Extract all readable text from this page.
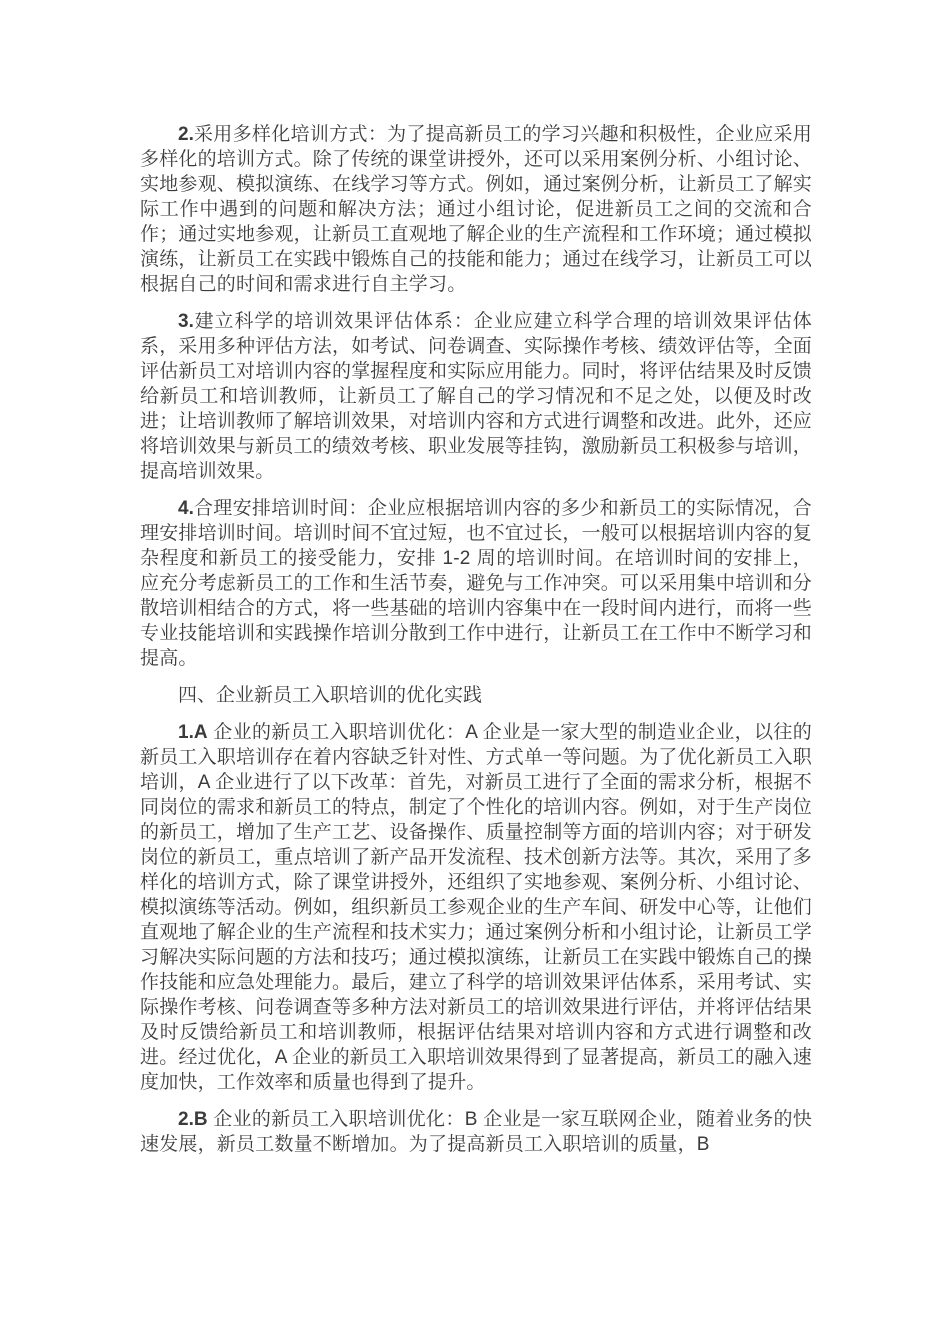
2.采用多样化培训方式：为了提高新员工的学习兴趣和积极性，企业应采用多样化的培训方式。除了传统的课堂讲授外，还可以采用案例分析、小组讨论、实地参观、模拟演练、在线学习等方式。例如，通过案例分析，让新员工了解实际工作中遇到的问题和解决方法；通过小组讨论，促进新员工之间的交流和合作；通过实地参观，让新员工直观地了解企业的生产流程和工作环境；通过模拟演练，让新员工在实践中锻炼自己的技能和能力；通过在线学习，让新员工可以根据自己的时间和需求进行自主学习。

3.建立科学的培训效果评估体系：企业应建立科学合理的培训效果评估体系，采用多种评估方法，如考试、问卷调查、实际操作考核、绩效评估等，全面评估新员工对培训内容的掌握程度和实际应用能力。同时，将评估结果及时反馈给新员工和培训教师，让新员工了解自己的学习情况和不足之处，以便及时改进；让培训教师了解培训效果，对培训内容和方式进行调整和改进。此外，还应将培训效果与新员工的绩效考核、职业发展等挂钩，激励新员工积极参与培训，提高培训效果。

4.合理安排培训时间：企业应根据培训内容的多少和新员工的实际情况，合理安排培训时间。培训时间不宜过短，也不宜过长，一般可以根据培训内容的复杂程度和新员工的接受能力，安排 1-2 周的培训时间。在培训时间的安排上，应充分考虑新员工的工作和生活节奏，避免与工作冲突。可以采用集中培训和分散培训相结合的方式，将一些基础的培训内容集中在一段时间内进行，而将一些专业技能培训和实践操作培训分散到工作中进行，让新员工在工作中不断学习和提高。

四、企业新员工入职培训的优化实践

1.A 企业的新员工入职培训优化：A 企业是一家大型的制造业企业，以往的新员工入职培训存在着内容缺乏针对性、方式单一等问题。为了优化新员工入职培训，A 企业进行了以下改革：首先，对新员工进行了全面的需求分析，根据不同岗位的需求和新员工的特点，制定了个性化的培训内容。例如，对于生产岗位的新员工，增加了生产工艺、设备操作、质量控制等方面的培训内容；对于研发岗位的新员工，重点培训了新产品开发流程、技术创新方法等。其次，采用了多样化的培训方式，除了课堂讲授外，还组织了实地参观、案例分析、小组讨论、模拟演练等活动。例如，组织新员工参观企业的生产车间、研发中心等，让他们直观地了解企业的生产流程和技术实力；通过案例分析和小组讨论，让新员工学习解决实际问题的方法和技巧；通过模拟演练，让新员工在实践中锻炼自己的操作技能和应急处理能力。最后，建立了科学的培训效果评估体系，采用考试、实际操作考核、问卷调查等多种方法对新员工的培训效果进行评估，并将评估结果及时反馈给新员工和培训教师，根据评估结果对培训内容和方式进行调整和改进。经过优化，A 企业的新员工入职培训效果得到了显著提高，新员工的融入速度加快，工作效率和质量也得到了提升。

2.B 企业的新员工入职培训优化：B 企业是一家互联网企业，随着业务的快速发展，新员工数量不断增加。为了提高新员工入职培训的质量，B
